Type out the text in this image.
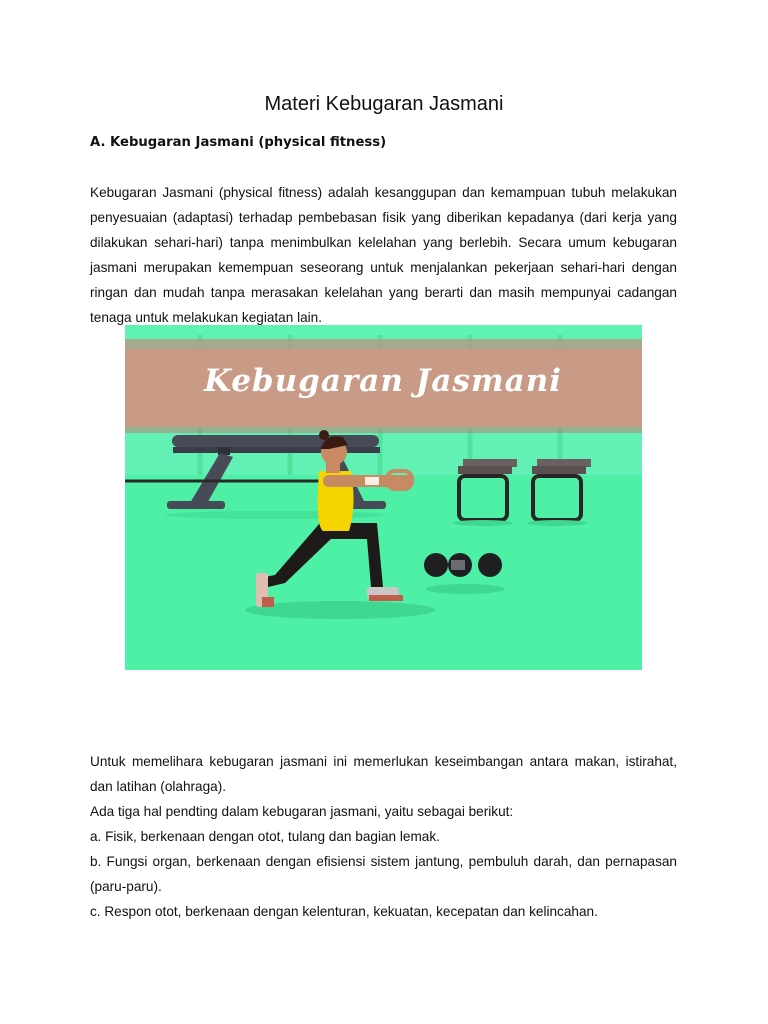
Materi Kebugaran Jasmani
A. Kebugaran Jasmani (physical fitness)

Kebugaran Jasmani (physical fitness) adalah kesanggupan dan kemampuan tubuh melakukan penyesuaian (adaptasi) terhadap pembebasan fisik yang diberikan kepadanya (dari kerja yang dilakukan sehari-hari) tanpa menimbulkan kelelahan yang berlebih. Secara umum kebugaran jasmani merupakan kemempuan seseorang untuk menjalankan pekerjaan sehari-hari dengan ringan dan mudah tanpa merasakan kelelahan yang berarti dan masih mempunyai cadangan tenaga untuk melakukan kegiatan lain.

Kebugaran Jasmani

Untuk memelihara kebugaran jasmani ini memerlukan keseimbangan antara makan, istirahat, dan latihan (olahraga).

Ada tiga hal pendting dalam kebugaran jasmani, yaitu sebagai berikut:

a. Fisik, berkenaan dengan otot, tulang dan bagian lemak.

b. Fungsi organ, berkenaan dengan efisiensi sistem jantung, pembuluh darah, dan pernapasan (paru-paru).

c. Respon otot, berkenaan dengan kelenturan, kekuatan, kecepatan dan kelincahan.
